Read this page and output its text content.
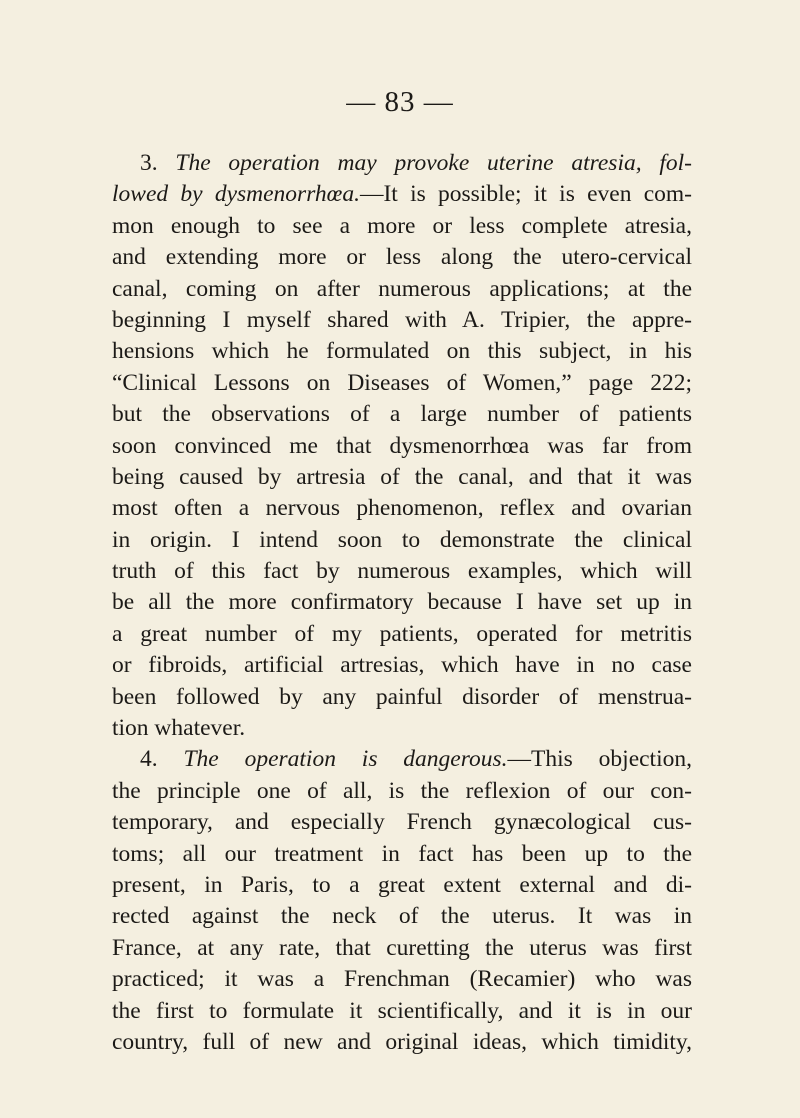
— 83 —
3. The operation may provoke uterine atresia, fol-
lowed by dysmenorrhœa.—It is possible; it is even com-
mon enough to see a more or less complete atresia,
and extending more or less along the utero-cervical
canal, coming on after numerous applications; at the
beginning I myself shared with A. Tripier, the appre-
hensions which he formulated on this subject, in his
“Clinical Lessons on Diseases of Women,” page 222;
but the observations of a large number of patients
soon convinced me that dysmenorrhœa was far from
being caused by artresia of the canal, and that it was
most often a nervous phenomenon, reflex and ovarian
in origin. I intend soon to demonstrate the clinical
truth of this fact by numerous examples, which will
be all the more confirmatory because I have set up in
a great number of my patients, operated for metritis
or fibroids, artificial artresias, which have in no case
been followed by any painful disorder of menstrua-
tion whatever.
4. The operation is dangerous.—This objection,
the principle one of all, is the reflexion of our con-
temporary, and especially French gynæcological cus-
toms; all our treatment in fact has been up to the
present, in Paris, to a great extent external and di-
rected against the neck of the uterus. It was in
France, at any rate, that curetting the uterus was first
practiced; it was a Frenchman (Recamier) who was
the first to formulate it scientifically, and it is in our
country, full of new and original ideas, which timidity,
